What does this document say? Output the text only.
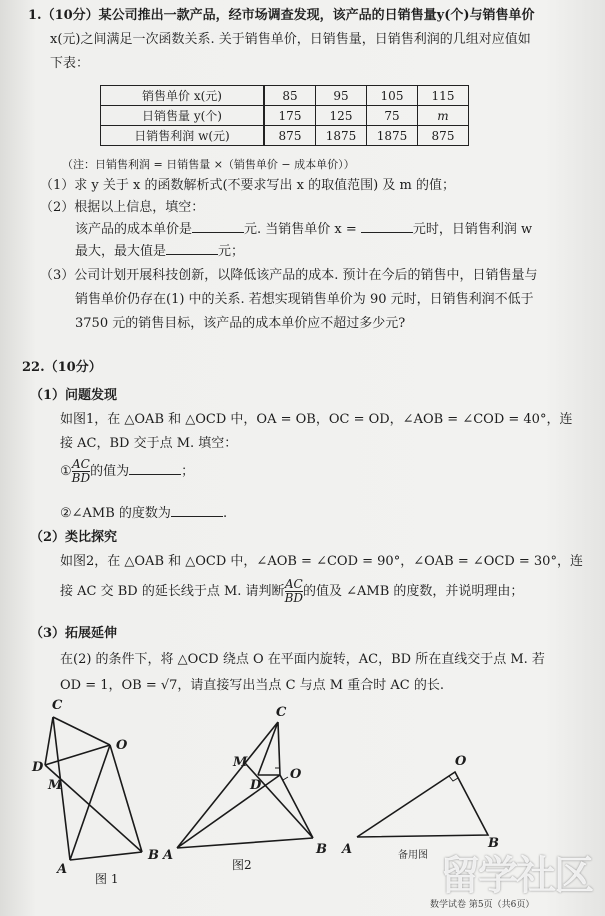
1.（10分）某公司推出一款产品，经市场调查发现，该产品的日销售量y(个)与销售单价
x(元)之间满足一次函数关系. 关于销售单价，日销售量，日销售利润的几组对应值如
下表：
销售单价 x(元)	85	95	105	115
日销售量 y(个)	175	125	75	m
日销售利润 w(元)	875	1875	1875	875
（注：日销售利润 = 日销售量 ×（销售单价 − 成本单价））
（1）求 y 关于 x 的函数解析式(不要求写出 x 的取值范围) 及 m 的值；
（2）根据以上信息，填空：
该产品的成本单价是	元. 当销售单价 x =	元时，日销售利润 w
最大，最大值是	元；
（3）公司计划开展科技创新，以降低该产品的成本. 预计在今后的销售中，日销售量与
销售单价仍存在(1) 中的关系. 若想实现销售单价为 90 元时，日销售利润不低于
3750 元的销售目标，该产品的成本单价应不超过多少元?
22.（10分）
（1）问题发现
如图1，在 △OAB 和 △OCD 中，OA = OB，OC = OD，∠AOB = ∠COD = 40°，连
接 AC，BD 交于点 M. 填空：
① $\frac{AC}{BD}$ 的值为	；
②∠AMB 的度数为	.
（2）类比探究
如图2，在 △OAB 和 △OCD 中，∠AOB = ∠COD = 90°，∠OAB = ∠OCD = 30°，连
接 AC 交 BD 的延长线于点 M. 请判断 $\frac{AC}{BD}$ 的值及 ∠AMB 的度数，并说明理由；
（3）拓展延伸
在(2) 的条件下，将 △OCD 绕点 O 在平面内旋转，AC，BD 所在直线交于点 M. 若
OD = 1，OB = √7，请直接写出当点 C 与点 M 重合时 AC 的长.
C
O
D
M
A
B
C
O
D
M
A	B
O
A	B
图 1
图2
备用图 留学社区
数学试卷 第5页（共6页）
